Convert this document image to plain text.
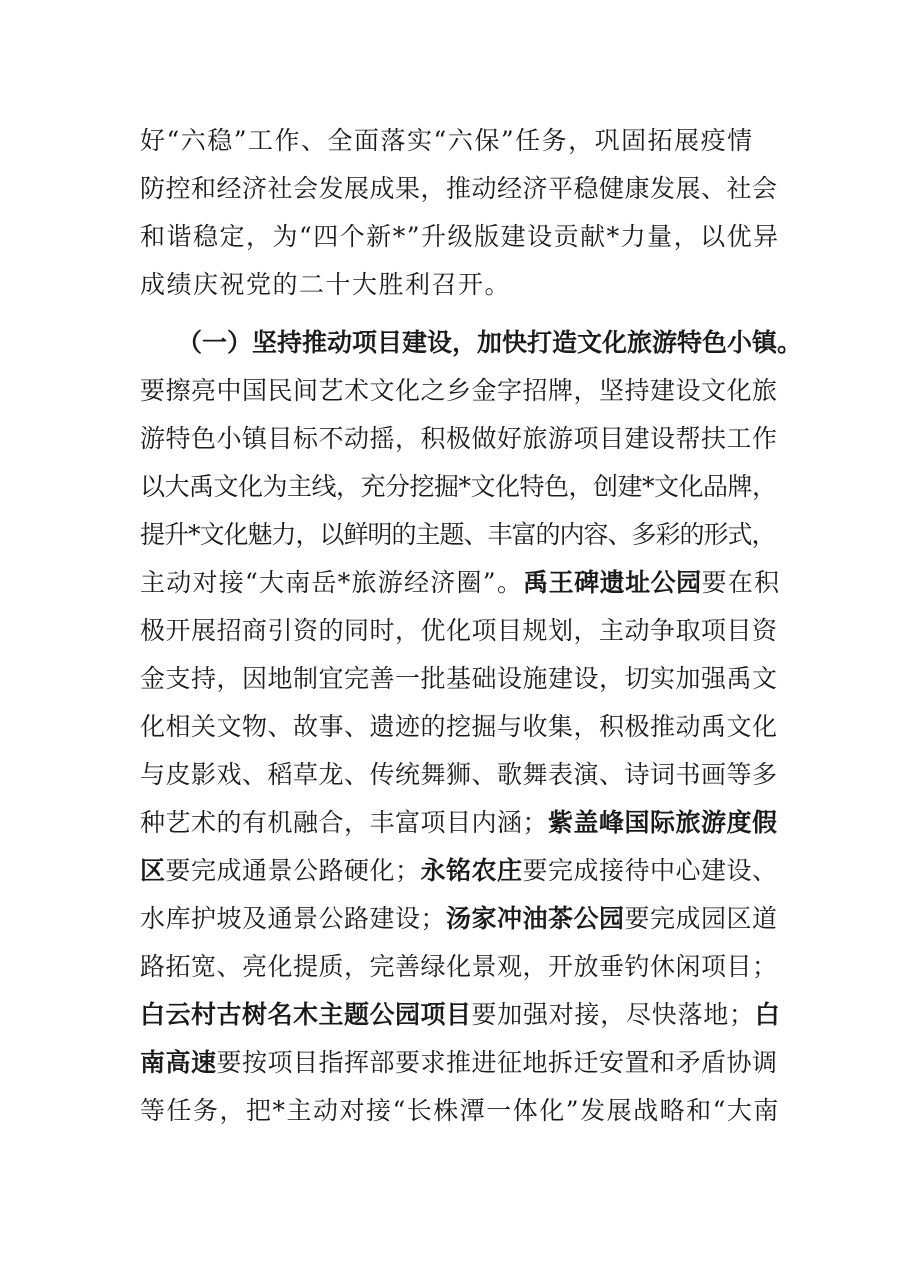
好“六稳”工作、全面落实“六保”任务，巩固拓展疫情
防控和经济社会发展成果，推动经济平稳健康发展、社会
和谐稳定，为“四个新*”升级版建设贡献*力量，以优异
成绩庆祝党的二十大胜利召开。
（一）坚持推动项目建设，加快打造文化旅游特色小镇。
要擦亮中国民间艺术文化之乡金字招牌，坚持建设文化旅
游特色小镇目标不动摇，积极做好旅游项目建设帮扶工作
以大禹文化为主线，充分挖掘*文化特色，创建*文化品牌，
提升*文化魅力，以鲜明的主题、丰富的内容、多彩的形式，
主动对接“大南岳*旅游经济圈”。禹王碑遗址公园要在积
极开展招商引资的同时，优化项目规划，主动争取项目资
金支持，因地制宜完善一批基础设施建设，切实加强禹文
化相关文物、故事、遗迹的挖掘与收集，积极推动禹文化
与皮影戏、稻草龙、传统舞狮、歌舞表演、诗词书画等多
种艺术的有机融合，丰富项目内涵；紫盖峰国际旅游度假
区要完成通景公路硬化；永铭农庄要完成接待中心建设、
水库护坡及通景公路建设；汤家冲油茶公园要完成园区道
路拓宽、亮化提质，完善绿化景观，开放垂钓休闲项目；
白云村古树名木主题公园项目要加强对接，尽快落地；白
南高速要按项目指挥部要求推进征地拆迁安置和矛盾协调
等任务，把*主动对接“长株潭一体化”发展战略和“大南
